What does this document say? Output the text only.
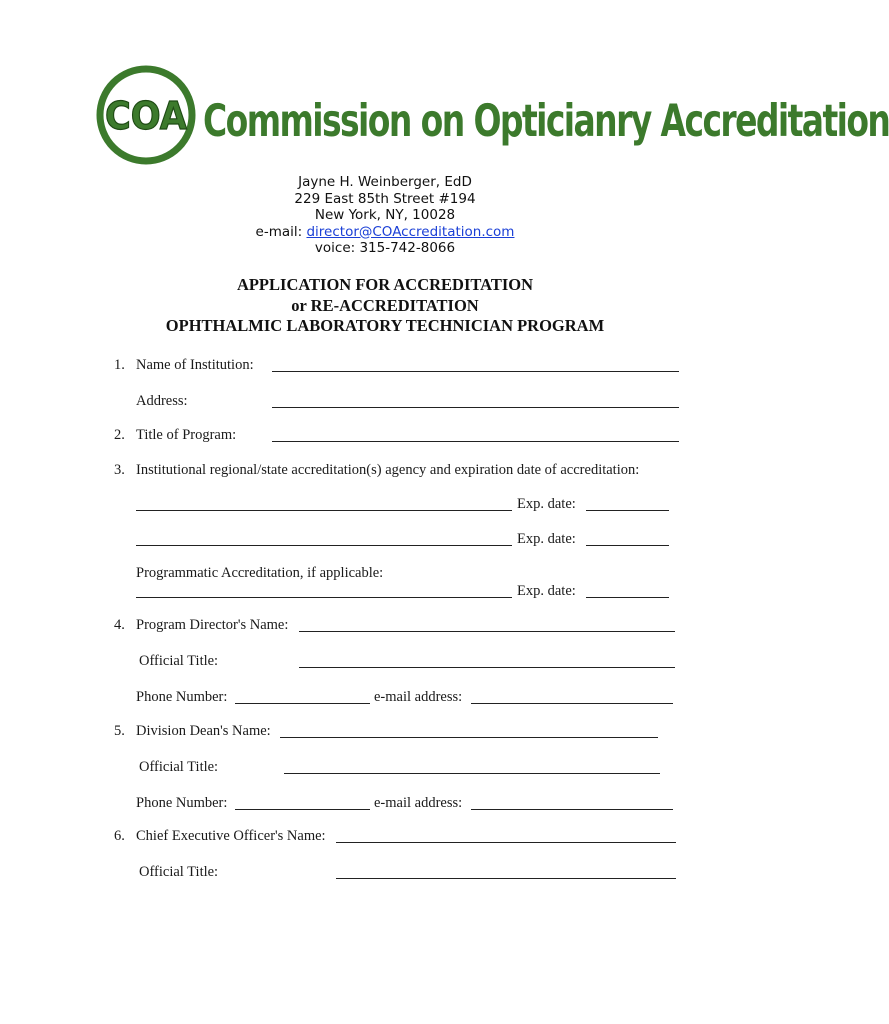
COA Commission on Opticianry Accreditation
Jayne H. Weinberger, EdD
229 East 85th Street #194
New York, NY, 10028
e-mail: director@COAccreditation.com
voice: 315-742-8066
APPLICATION FOR ACCREDITATION
or RE-ACCREDITATION
OPHTHALMIC LABORATORY TECHNICIAN PROGRAM
1. Name of Institution:
Address:
2. Title of Program:
3. Institutional regional/state accreditation(s) agency and expiration date of accreditation:
Exp. date:
Exp. date:
Programmatic Accreditation, if applicable:
Exp. date:
4. Program Director's Name:
Official Title:
Phone Number:	e-mail address:
5. Division Dean's Name:
Official Title:
Phone Number:	e-mail address:
6. Chief Executive Officer's Name:
Official Title:
